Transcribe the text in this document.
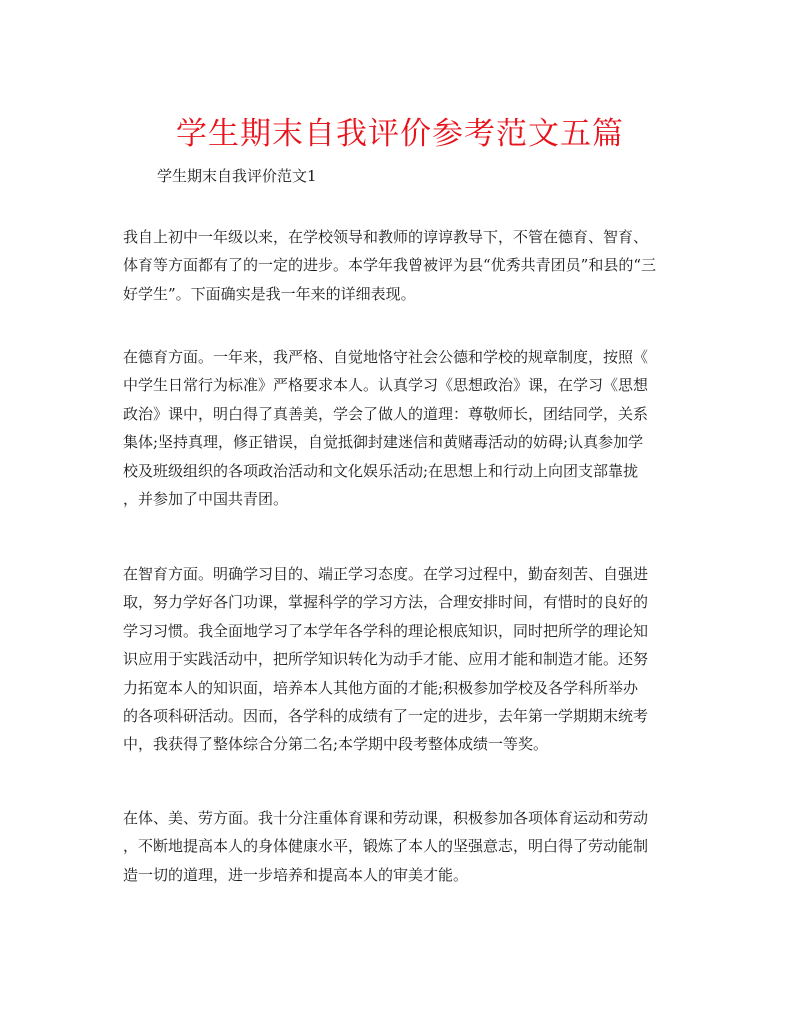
学生期末自我评价参考范文五篇

学生期末自我评价范文1

我自上初中一年级以来，在学校领导和教师的谆谆教导下，不管在德育、智育、
体育等方面都有了的一定的进步。本学年我曾被评为县“优秀共青团员”和县的“三
好学生”。下面确实是我一年来的详细表现。
在德育方面。一年来，我严格、自觉地恪守社会公德和学校的规章制度，按照《
中学生日常行为标准》严格要求本人。认真学习《思想政治》课，在学习《思想
政治》课中，明白得了真善美，学会了做人的道理：尊敬师长，团结同学，关系
集体;坚持真理，修正错误，自觉抵御封建迷信和黄赌毒活动的妨碍;认真参加学
校及班级组织的各项政治活动和文化娱乐活动;在思想上和行动上向团支部靠拢
，并参加了中国共青团。
在智育方面。明确学习目的、端正学习态度。在学习过程中，勤奋刻苦、自强进
取，努力学好各门功课，掌握科学的学习方法，合理安排时间，有惜时的良好的
学习习惯。我全面地学习了本学年各学科的理论根底知识，同时把所学的理论知
识应用于实践活动中，把所学知识转化为动手才能、应用才能和制造才能。还努
力拓宽本人的知识面，培养本人其他方面的才能;积极参加学校及各学科所举办
的各项科研活动。因而，各学科的成绩有了一定的进步，去年第一学期期末统考
中，我获得了整体综合分第二名;本学期中段考整体成绩一等奖。
在体、美、劳方面。我十分注重体育课和劳动课，积极参加各项体育运动和劳动
，不断地提高本人的身体健康水平，锻炼了本人的坚强意志，明白得了劳动能制
造一切的道理，进一步培养和提高本人的审美才能。
